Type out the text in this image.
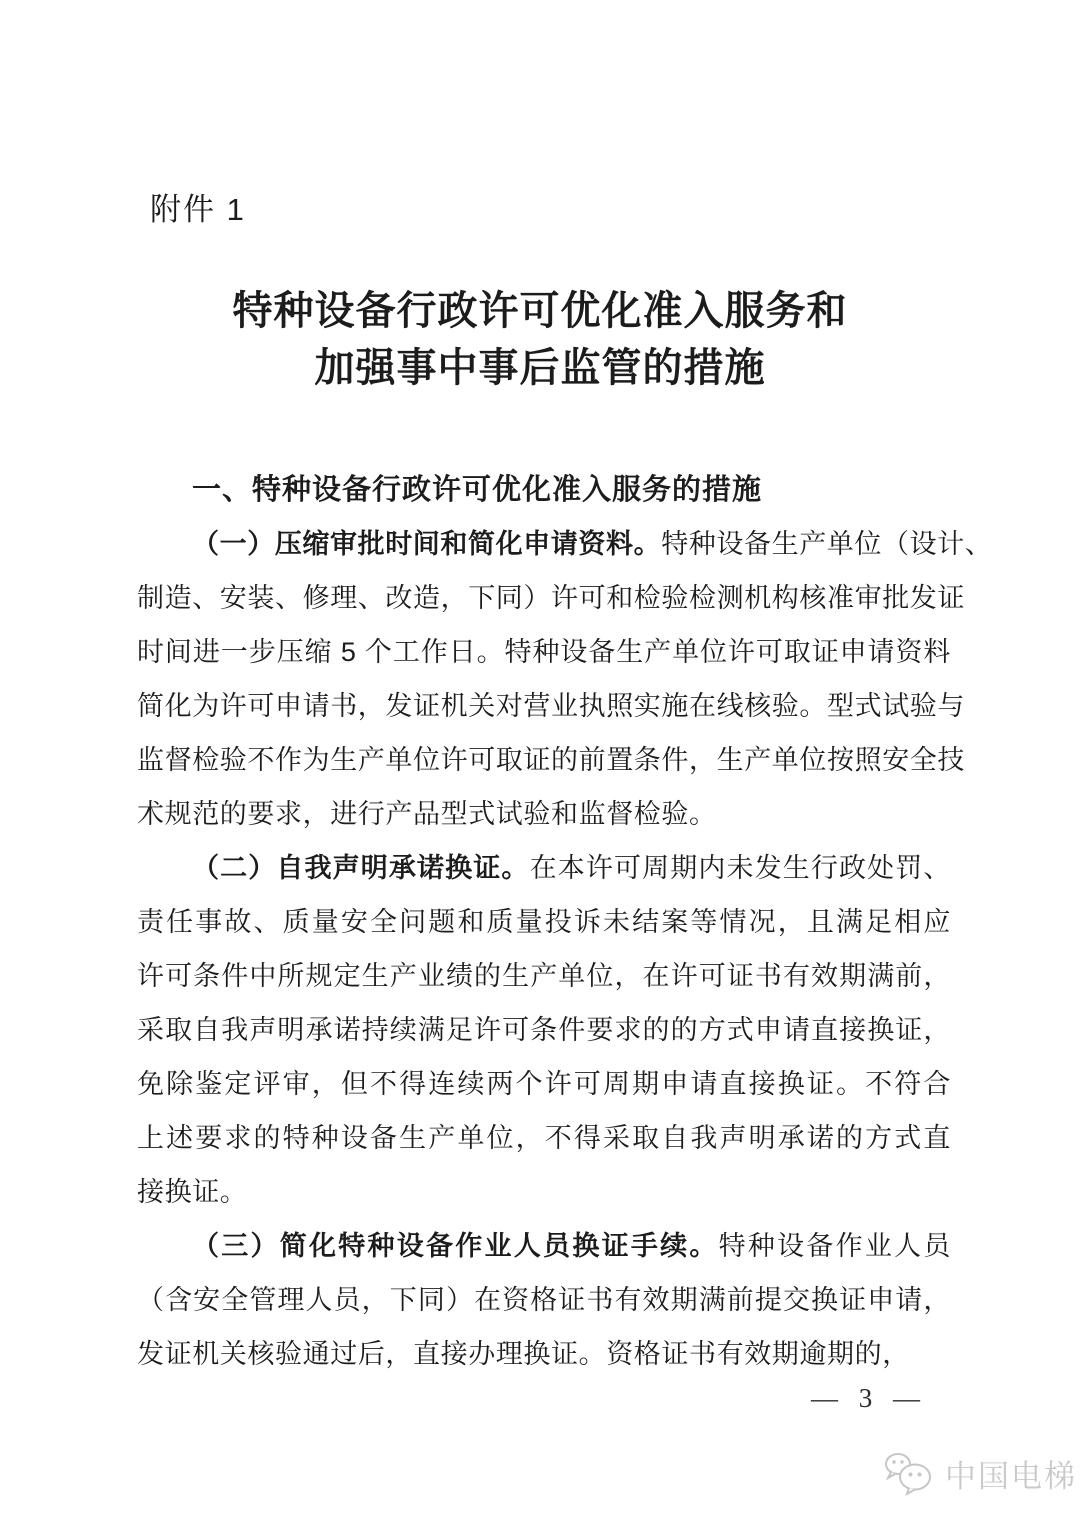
附件 1
特种设备行政许可优化准入服务和
加强事中事后监管的措施
一、特种设备行政许可优化准入服务的措施
（一）压缩审批时间和简化申请资料。特种设备生产单位（设计、
制造、安装、修理、改造，下同）许可和检验检测机构核准审批发证
时间进一步压缩 5 个工作日。特种设备生产单位许可取证申请资料
简化为许可申请书，发证机关对营业执照实施在线核验。型式试验与
监督检验不作为生产单位许可取证的前置条件，生产单位按照安全技
术规范的要求，进行产品型式试验和监督检验。
（二）自我声明承诺换证。在本许可周期内未发生行政处罚、
责任事故、质量安全问题和质量投诉未结案等情况，且满足相应
许可条件中所规定生产业绩的生产单位，在许可证书有效期满前，
采取自我声明承诺持续满足许可条件要求的的方式申请直接换证，
免除鉴定评审，但不得连续两个许可周期申请直接换证。不符合
上述要求的特种设备生产单位，不得采取自我声明承诺的方式直
接换证。
（三）简化特种设备作业人员换证手续。特种设备作业人员
（含安全管理人员，下同）在资格证书有效期满前提交换证申请，
发证机关核验通过后，直接办理换证。资格证书有效期逾期的，
— 3 —
中国电梯
